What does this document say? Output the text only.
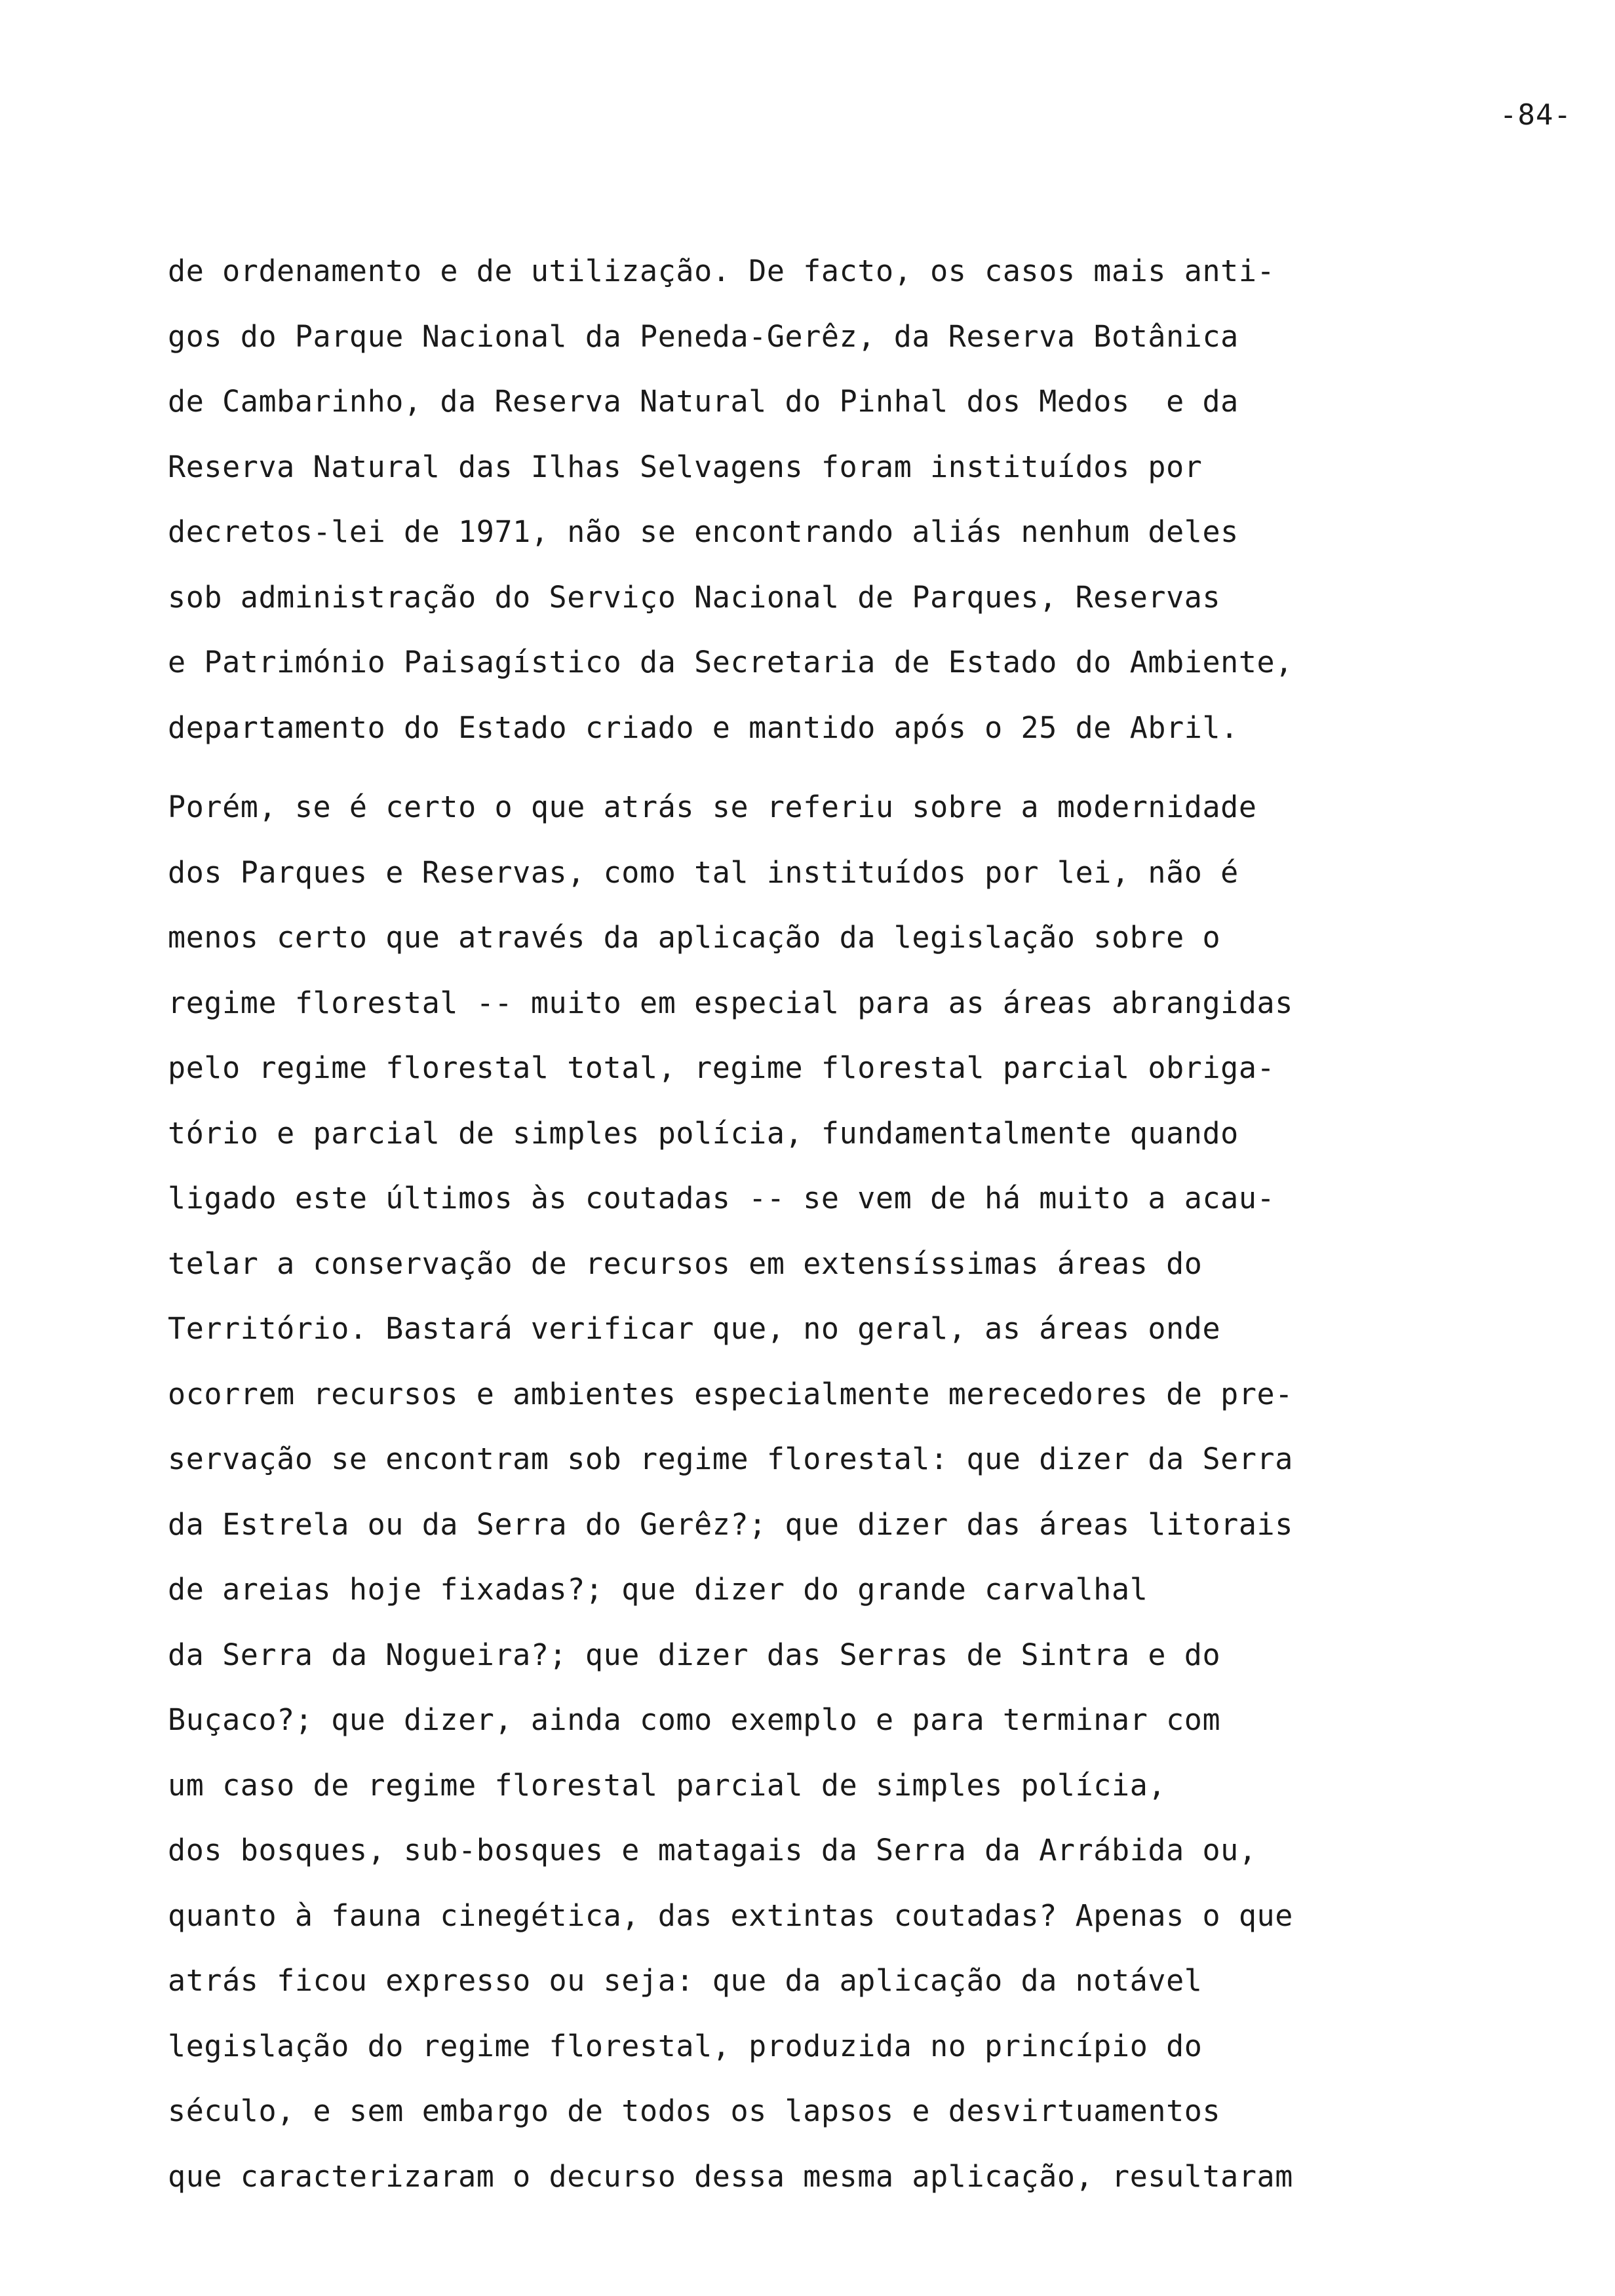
-84-
de ordenamento e de utilização. De facto, os casos mais anti-
gos do Parque Nacional da Peneda-Gerêz, da Reserva Botânica
de Cambarinho, da Reserva Natural do Pinhal dos Medos  e da
Reserva Natural das Ilhas Selvagens foram instituídos por
decretos-lei de 1971, não se encontrando aliás nenhum deles
sob administração do Serviço Nacional de Parques, Reservas
e Património Paisagístico da Secretaria de Estado do Ambiente,
departamento do Estado criado e mantido após o 25 de Abril.
Porém, se é certo o que atrás se referiu sobre a modernidade
dos Parques e Reservas, como tal instituídos por lei, não é
menos certo que através da aplicação da legislação sobre o
regime florestal -- muito em especial para as áreas abrangidas
pelo regime florestal total, regime florestal parcial obriga-
tório e parcial de simples polícia, fundamentalmente quando
ligado este últimos às coutadas -- se vem de há muito a acau-
telar a conservação de recursos em extensíssimas áreas do
Território. Bastará verificar que, no geral, as áreas onde
ocorrem recursos e ambientes especialmente merecedores de pre-
servação se encontram sob regime florestal: que dizer da Serra
da Estrela ou da Serra do Gerêz?; que dizer das áreas litorais
de areias hoje fixadas?; que dizer do grande carvalhal
da Serra da Nogueira?; que dizer das Serras de Sintra e do
Buçaco?; que dizer, ainda como exemplo e para terminar com
um caso de regime florestal parcial de simples polícia,
dos bosques, sub-bosques e matagais da Serra da Arrábida ou,
quanto à fauna cinegética, das extintas coutadas? Apenas o que
atrás ficou expresso ou seja: que da aplicação da notável
legislação do regime florestal, produzida no princípio do
século, e sem embargo de todos os lapsos e desvirtuamentos
que caracterizaram o decurso dessa mesma aplicação, resultaram
